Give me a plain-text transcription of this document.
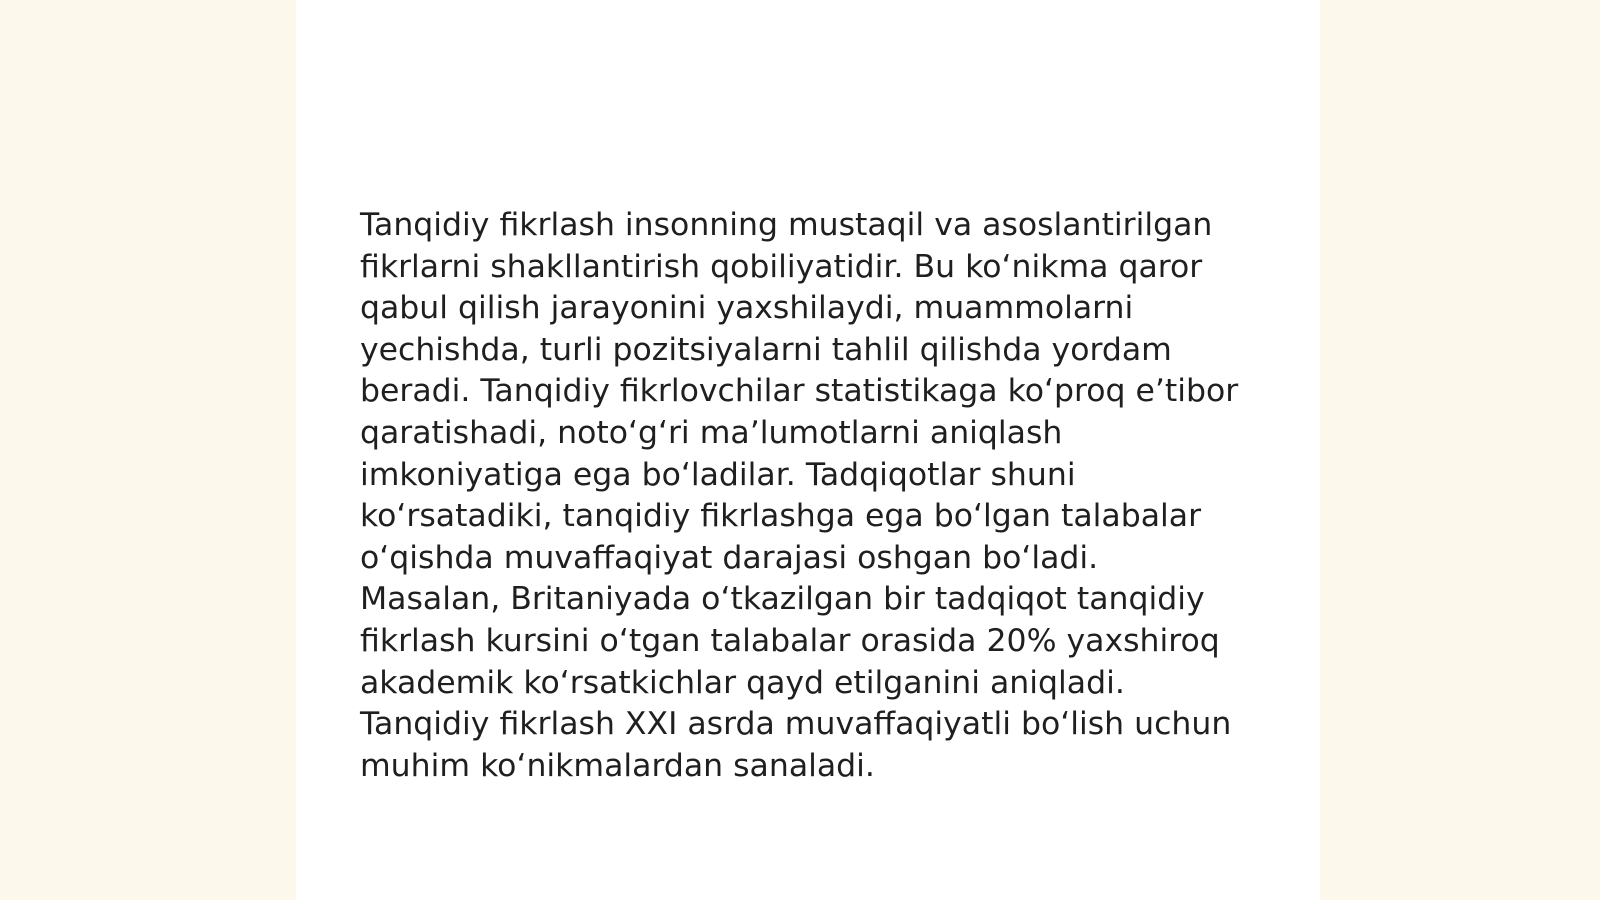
Tanqidiy fikrlash insonning mustaqil va asoslantirilgan fikrlarni shakllantirish qobiliyatidir. Bu ko‘nikma qaror qabul qilish jarayonini yaxshilaydi, muammolarni yechishda, turli pozitsiyalarni tahlil qilishda yordam beradi. Tanqidiy fikrlovchilar statistikaga ko‘proq e’tibor qaratishadi, noto‘g‘ri ma’lumotlarni aniqlash imkoniyatiga ega bo‘ladilar. Tadqiqotlar shuni ko‘rsatadiki, tanqidiy fikrlashga ega bo‘lgan talabalar o‘qishda muvaffaqiyat darajasi oshgan bo‘ladi. Masalan, Britaniyada o‘tkazilgan bir tadqiqot tanqidiy fikrlash kursini o‘tgan talabalar orasida 20% yaxshiroq akademik ko‘rsatkichlar qayd etilganini aniqladi. Tanqidiy fikrlash XXI asrda muvaffaqiyatli bo‘lish uchun muhim ko‘nikmalardan sanaladi.
